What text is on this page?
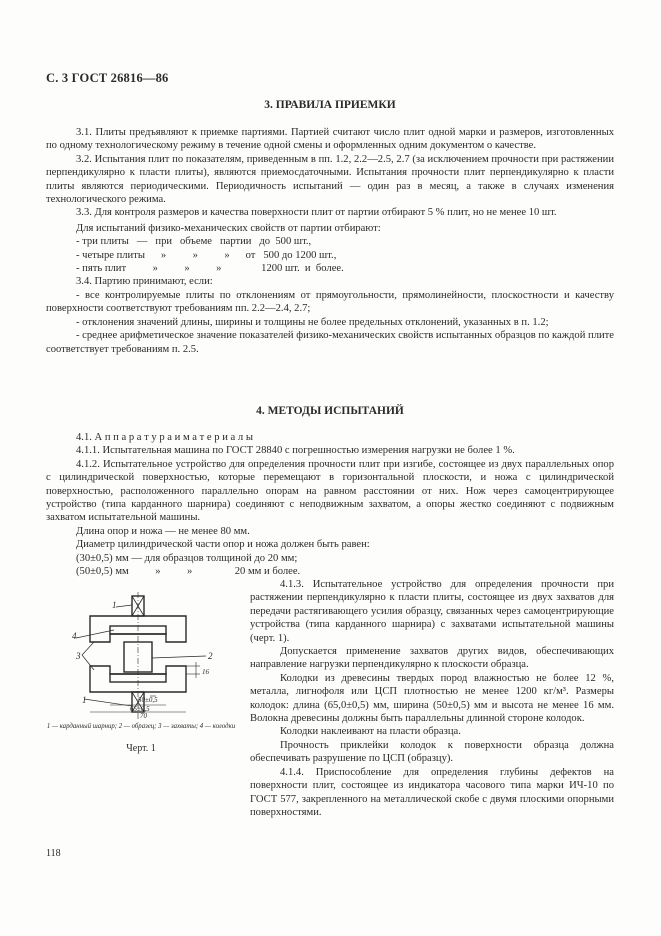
С. 3 ГОСТ 26816—86
3. ПРАВИЛА ПРИЕМКИ

3.1. Плиты предъявляют к приемке партиями. Партией считают число плит одной марки и размеров, изготовленных по одному технологическому режиму в течение одной смены и оформленных одним документом о качестве.

3.2. Испытания плит по показателям, приведенным в пп. 1.2, 2.2—2.5, 2.7 (за исключением прочности при растяжении перпендикулярно к пласти плиты), являются приемосдаточными. Испытания прочности плит перпендикулярно к пласти плиты являются периодическими. Периодичность испытаний — один раз в месяц, а также в случаях изменения технологического режима.

3.3. Для контроля размеров и качества поверхности плит от партии отбирают 5 % плит, но не менее 10 шт.

Для испытаний физико-механических свойств от партии отбирают:

- три плиты   —   при   объеме   партии   до  500 шт.,

- четыре плиты      »          »          »      от   500 до 1200 шт.,

- пять плит          »          »          »               1200 шт.  и  более.

3.4. Партию принимают, если:

- все контролируемые плиты по отклонениям от прямоугольности, прямолинейности, плоскостности и качеству поверхности соответствуют требованиям пп. 2.2—2.4, 2.7;

- отклонения значений длины, ширины и толщины не более предельных отклонений, указанных в п. 1.2;

- среднее арифметическое значение показателей физико-механических свойств испытанных образцов по каждой плите соответствует требованиям п. 2.5.

4. МЕТОДЫ ИСПЫТАНИЙ

4.1. А п п а р а т у р а и м а т е р и а л ы

4.1.1. Испытательная машина по ГОСТ 28840 с погрешностью измерения нагрузки не более 1 %.

4.1.2. Испытательное устройство для определения прочности плит при изгибе, состоящее из двух параллельных опор с цилиндрической поверхностью, которые перемещают в горизонтальной плоскости, и ножа с цилиндрической поверхностью, расположенного параллельно опорам на равном расстоянии от них. Нож через самоцентрирующее устройство (типа карданного шарнира) соединяют с неподвижным захватом, а опоры жестко соединяют с подвижным захватом испытательной машины.

Длина опор и ножа — не менее 80 мм.

Диаметр цилиндрической части опор и ножа должен быть равен:

(30±0,5) мм — для образцов толщиной до 20 мм;

(50±0,5) мм          »          »                20 мм и более.

4.1.3. Испытательное устройство для определения прочности при растяжении перпендикулярно к пласти плиты, состоящее из двух захватов для передачи растягивающего усилия образцу, связанных через самоцентрирующие устройства (типа карданного шарнира) с захватами испытательной машины (черт. 1).

Допускается применение захватов других видов, обеспечивающих направление нагрузки перпендикулярно к плоскости образца.

Колодки из древесины твердых пород влажностью не более 12 %, металла, лигнофоля или ЦСП плотностью не менее 1200 кг/м³. Размеры колодок: длина (65,0±0,5) мм, ширина (50±0,5) мм и высота не менее 16 мм. Волокна древесины должны быть параллельны длинной стороне колодок.

Колодки наклеивают на пласти образца.

Прочность приклейки колодок к поверхности образца должна обеспечивать разрушение по ЦСП (образцу).

4.1.4. Приспособление для определения глубины дефектов на поверхности плит, состоящее из индикатора часового типа марки ИЧ-10 по ГОСТ 577, закрепленного на металлической скобе с двумя плоскими опорными поверхностями.

1
4
3	2
1
16
50±0,5
1 — карданный шарнир; 2 — образец; 3 — захваты; 4 — колодки
Черт. 1
118
65±0,5
70
